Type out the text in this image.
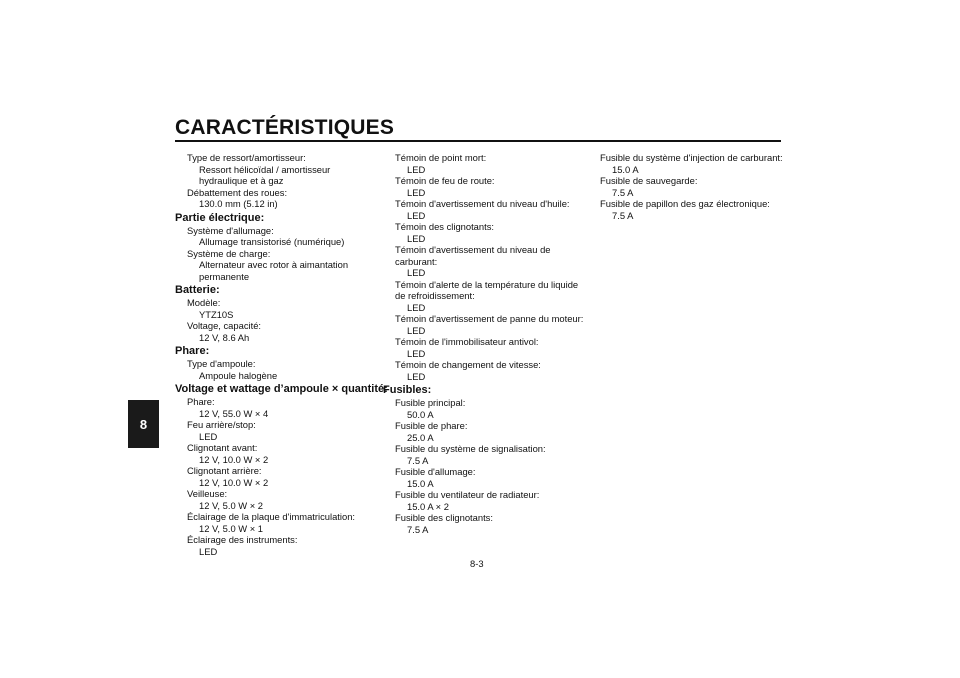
CARACTÉRISTIQUES
8
Type de ressort/amortisseur:
Ressort hélicoïdal / amortisseur
hydraulique et à gaz
Débattement des roues:
130.0 mm (5.12 in)
Partie électrique:
Système d'allumage:
Allumage transistorisé (numérique)
Système de charge:
Alternateur avec rotor à aimantation
permanente
Batterie:
Modèle:
YTZ10S
Voltage, capacité:
12 V, 8.6 Ah
Phare:
Type d'ampoule:
Ampoule halogène
Voltage et wattage d’ampoule × quantité:
Phare:
12 V, 55.0 W × 4
Feu arrière/stop:
LED
Clignotant avant:
12 V, 10.0 W × 2
Clignotant arrière:
12 V, 10.0 W × 2
Veilleuse:
12 V, 5.0 W × 2
Éclairage de la plaque d'immatriculation:
12 V, 5.0 W × 1
Éclairage des instruments:
LED
Témoin de point mort:
LED
Témoin de feu de route:
LED
Témoin d'avertissement du niveau d'huile:
LED
Témoin des clignotants:
LED
Témoin d'avertissement du niveau de
carburant:
LED
Témoin d'alerte de la température du liquide
de refroidissement:
LED
Témoin d'avertissement de panne du moteur:
LED
Témoin de l'immobilisateur antivol:
LED
Témoin de changement de vitesse:
LED
Fusibles:
Fusible principal:
50.0 A
Fusible de phare:
25.0 A
Fusible du système de signalisation:
7.5 A
Fusible d'allumage:
15.0 A
Fusible du ventilateur de radiateur:
15.0 A × 2
Fusible des clignotants:
7.5 A
Fusible du système d'injection de carburant:
15.0 A
Fusible de sauvegarde:
7.5 A
Fusible de papillon des gaz électronique:
7.5 A
8-3
